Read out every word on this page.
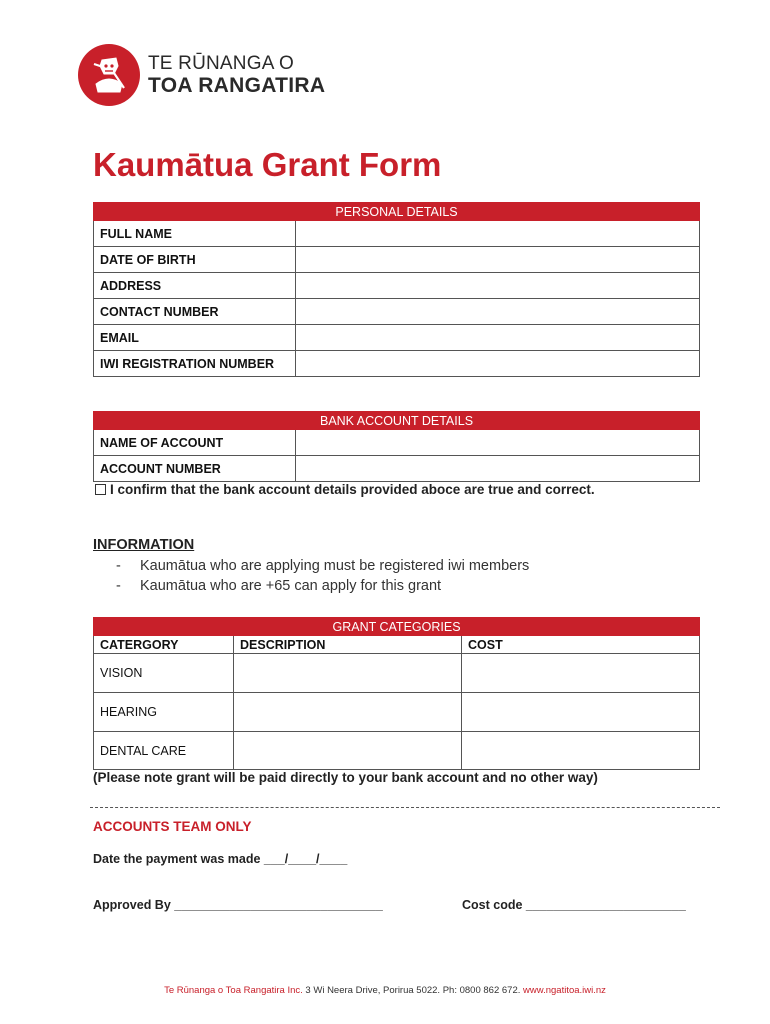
TE RŪNANGA O
TOA RANGATIRA
Kaumātua Grant Form
PERSONAL DETAILS	
FULL NAME	
DATE OF BIRTH	
ADDRESS	
CONTACT NUMBER	
EMAIL	
IWI REGISTRATION NUMBER	
BANK ACCOUNT DETAILS	
NAME OF ACCOUNT	
ACCOUNT NUMBER	
I confirm that the bank account details provided aboce are true and correct.
INFORMATION
- Kaumātua who are applying must be registered iwi members
- Kaumātua who are +65 can apply for this grant
GRANT CATEGORIES		
CATERGORY	DESCRIPTION	COST
VISION		
HEARING		
DENTAL CARE		
(Please note grant will be paid directly to your bank account and no other way)
ACCOUNTS TEAM ONLY
Date the payment was made ___/____/____
Approved By ______________________________	Cost code _______________________
Te Rūnanga o Toa Rangatira Inc. 3 Wi Neera Drive, Porirua 5022. Ph: 0800 862 672. www.ngatitoa.iwi.nz
